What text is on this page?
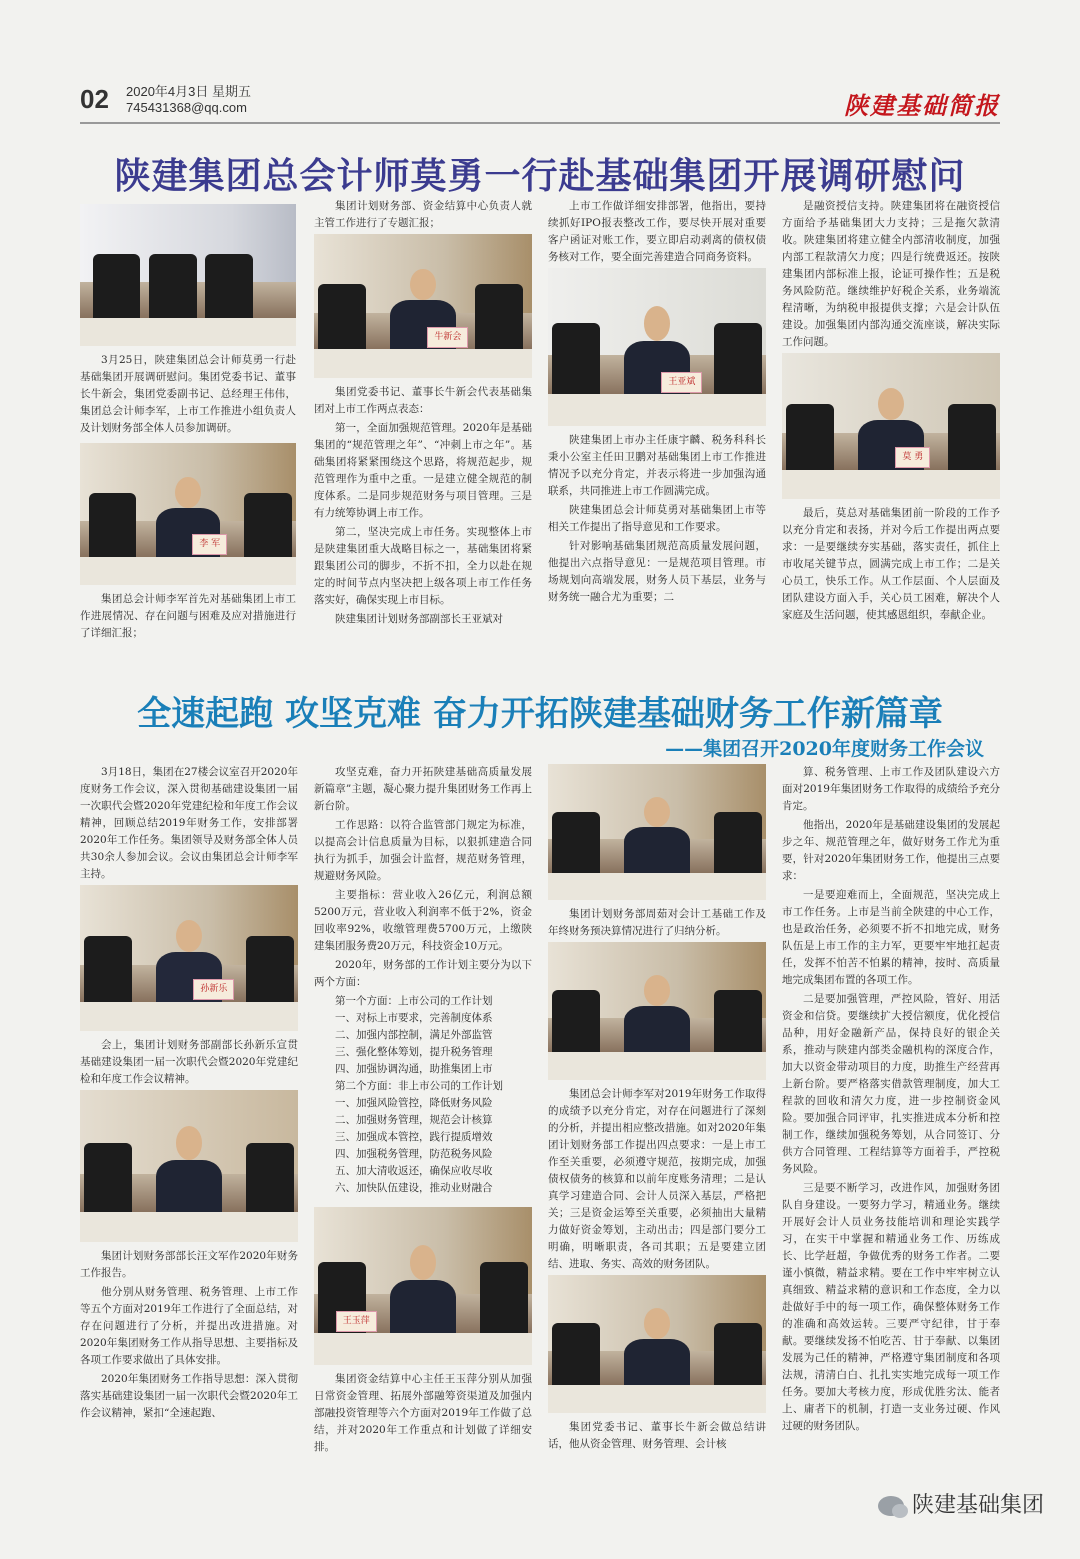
02 2020年4月3日 星期五
745431368@qq.com	陕建基础简报
陕建集团总会计师莫勇一行赴基础集团开展调研慰问

3月25日，陕建集团总会计师莫勇一行赴基础集团开展调研慰问。集团党委书记、董事长牛新会，集团党委副书记、总经理王伟伟，集团总会计师李军，上市工作推进小组负责人及计划财务部全体人员参加调研。

李 军

集团总会计师李军首先对基础集团上市工作进展情况、存在问题与困难及应对措施进行了详细汇报；

集团计划财务部、资金结算中心负责人就主管工作进行了专题汇报；

牛新会

集团党委书记、董事长牛新会代表基础集团对上市工作两点表态：

第一，全面加强规范管理。2020年是基础集团的“规范管理之年”、“冲刺上市之年”。基础集团将紧紧围绕这个思路，将规范起步，规范管理作为重中之重。一是建立健全规范的制度体系。二是同步规范财务与项目管理。三是有力统筹协调上市工作。

第二，坚决完成上市任务。实现整体上市是陕建集团重大战略目标之一，基础集团将紧跟集团公司的脚步，不折不扣，全力以赴在规定的时间节点内坚决把上级各项上市工作任务落实好，确保实现上市目标。

陕建集团计划财务部副部长王亚斌对

上市工作做详细安排部署，他指出，要持续抓好IPO报表整改工作，要尽快开展对重要客户函证对账工作，要立即启动剥离的债权债务核对工作，要全面完善建造合同商务资料。

王亚斌

陕建集团上市办主任康宇麟、税务科科长秉小公室主任田卫鹏对基础集团上市工作推进情况予以充分肯定，并表示将进一步加强沟通联系，共同推进上市工作圆满完成。

陕建集团总会计师莫勇对基础集团上市等相关工作提出了指导意见和工作要求。

针对影响基础集团规范高质量发展问题，他提出六点指导意见：一是规范项目管理。市场规划向高端发展，财务人员下基层，业务与财务统一融合尤为重要；二

是融资授信支持。陕建集团将在融资授信方面给予基础集团大力支持；三是拖欠款清收。陕建集团将建立健全内部清收制度，加强内部工程款清欠力度；四是行统费返还。按陕建集团内部标准上报，论证可操作性；五是税务风险防范。继续维护好税企关系，业务端流程清晰，为纳税申报提供支撑；六是会计队伍建设。加强集团内部沟通交流座谈，解决实际工作问题。

莫 勇

最后，莫总对基础集团前一阶段的工作予以充分肯定和表扬，并对今后工作提出两点要求：一是要继续夯实基础，落实责任，抓住上市收尾关键节点，圆满完成上市工作；二是关心员工，快乐工作。从工作层面、个人层面及团队建设方面入手，关心员工困难，解决个人家庭及生活问题，使其感恩组织，奉献企业。

全速起跑 攻坚克难 奋力开拓陕建基础财务工作新篇章
——集团召开2020年度财务工作会议

3月18日，集团在27楼会议室召开2020年度财务工作会议，深入贯彻基础建设集团一届一次职代会暨2020年党建纪检和年度工作会议精神，回顾总结2019年财务工作，安排部署2020年工作任务。集团领导及财务部全体人员共30余人参加会议。会议由集团总会计师李军主持。

孙新乐

会上，集团计划财务部副部长孙新乐宣贯基础建设集团一届一次职代会暨2020年党建纪检和年度工作会议精神。

集团计划财务部部长汪文军作2020年财务工作报告。

他分别从财务管理、税务管理、上市工作等五个方面对2019年工作进行了全面总结，对存在问题进行了分析，并提出改进措施。对2020年集团财务工作从指导思想、主要指标及各项工作要求做出了具体安排。

2020年集团财务工作指导思想：深入贯彻落实基础建设集团一届一次职代会暨2020年工作会议精神，紧扣“全速起跑、

攻坚克难，奋力开拓陕建基础高质量发展新篇章”主题，凝心聚力提升集团财务工作再上新台阶。

工作思路：以符合监管部门规定为标准，以提高会计信息质量为目标，以狠抓建造合同执行为抓手，加强会计监督，规范财务管理，规避财务风险。

主要指标：营业收入26亿元，利润总额5200万元，营业收入利润率不低于2%，资金回收率92%，收缴管理费5700万元，上缴陕建集团服务费20万元，科技资金10万元。

2020年，财务部的工作计划主要分为以下两个方面：

第一个方面：上市公司的工作计划
一、对标上市要求，完善制度体系
二、加强内部控制，满足外部监管
三、强化整体筹划，提升税务管理
四、加强协调沟通，助推集团上市
第二个方面：非上市公司的工作计划
一、加强风险管控，降低财务风险
二、加强财务管理，规范会计核算
三、加强成本管控，践行提质增效
四、加强税务管理，防范税务风险
五、加大清收返还，确保应收尽收
六、加快队伍建设，推动业财融合
王玉萍

集团资金结算中心主任王玉萍分别从加强日常资金管理、拓展外部融筹资渠道及加强内部融投资管理等六个方面对2019年工作做了总结，并对2020年工作重点和计划做了详细安排。

集团计划财务部周茹对会计工基础工作及年终财务预决算情况进行了归纳分析。

集团总会计师李军对2019年财务工作取得的成绩予以充分肯定，对存在问题进行了深刻的分析，并提出相应整改措施。如对2020年集团计划财务部工作提出四点要求：一是上市工作至关重要，必须遵守规范，按期完成，加强债权债务的核算和以前年度账务清理；二是认真学习建造合同、会计人员深入基层，严格把关；三是资金运筹至关重要，必须抽出大量精力做好资金筹划，主动出击；四是部门要分工明确，明晰职责，各司其职；五是要建立团结、进取、务实、高效的财务团队。

集团党委书记、董事长牛新会做总结讲话，他从资金管理、财务管理、会计核

算、税务管理、上市工作及团队建设六方面对2019年集团财务工作取得的成绩给予充分肯定。

他指出，2020年是基础建设集团的发展起步之年、规范管理之年，做好财务工作尤为重要，针对2020年集团财务工作，他提出三点要求：

一是要迎难而上，全面规范，坚决完成上市工作任务。上市是当前全陕建的中心工作，也是政治任务，必须要不折不扣地完成，财务队伍是上市工作的主力军，更要牢牢地扛起责任，发挥不怕苦不怕累的精神，按时、高质量地完成集团布置的各项工作。

二是要加强管理，严控风险，管好、用活资金和信贷。要继续扩大授信额度，优化授信品种，用好金融新产品，保持良好的银企关系，推动与陕建内部类金融机构的深度合作，加大以资金带动项目的力度，助推生产经营再上新台阶。要严格落实借款管理制度，加大工程款的回收和清欠力度，进一步控制资金风险。要加强合同评审，扎实推进成本分析和控制工作，继续加强税务筹划，从合同签订、分供方合同管理、工程结算等方面着手，严控税务风险。

三是要不断学习，改进作风，加强财务团队自身建设。一要努力学习，精通业务。继续开展好会计人员业务技能培训和理论实践学习，在实干中掌握和精通业务工作、历练成长、比学赶超，争做优秀的财务工作者。二要谨小慎微，精益求精。要在工作中牢牢树立认真细致、精益求精的意识和工作态度，全力以赴做好手中的每一项工作，确保整体财务工作的准确和高效运转。三要严守纪律，甘于奉献。要继续发扬不怕吃苦、甘于奉献、以集团发展为己任的精神，严格遵守集团制度和各项法规，清清白白、扎扎实实地完成每一项工作任务。要加大考核力度，形成优胜劣汰、能者上、庸者下的机制，打造一支业务过硬、作风过硬的财务团队。

陕建基础集团
